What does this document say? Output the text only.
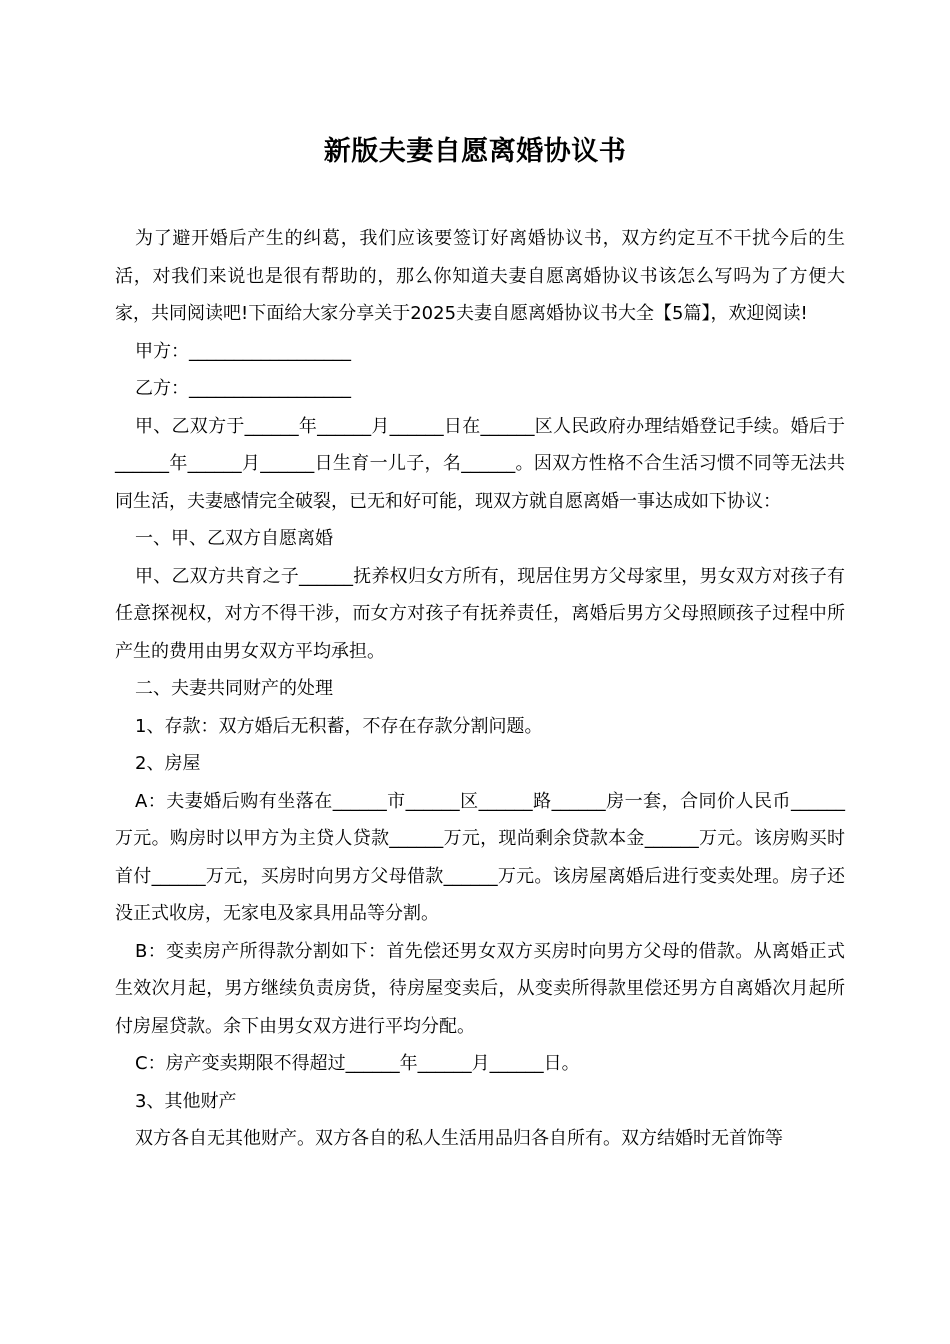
新版夫妻自愿离婚协议书

为了避开婚后产生的纠葛，我们应该要签订好离婚协议书，双方约定互不干扰今后的生活，对我们来说也是很有帮助的，那么你知道夫妻自愿离婚协议书该怎么写吗为了方便大家，共同阅读吧!下面给大家分享关于2025夫妻自愿离婚协议书大全【5篇】，欢迎阅读!

甲方：__________________

乙方：__________________

甲、乙双方于______年______月______日在______区人民政府办理结婚登记手续。婚后于______年______月______日生育一儿子，名______。因双方性格不合生活习惯不同等无法共同生活，夫妻感情完全破裂，已无和好可能，现双方就自愿离婚一事达成如下协议：

一、甲、乙双方自愿离婚

甲、乙双方共育之子______抚养权归女方所有，现居住男方父母家里，男女双方对孩子有任意探视权，对方不得干涉，而女方对孩子有抚养责任，离婚后男方父母照顾孩子过程中所产生的费用由男女双方平均承担。

二、夫妻共同财产的处理

1、存款：双方婚后无积蓄，不存在存款分割问题。

2、房屋

A：夫妻婚后购有坐落在______市______区______路______房一套，合同价人民币______万元。购房时以甲方为主贷人贷款______万元，现尚剩余贷款本金______万元。该房购买时首付______万元，买房时向男方父母借款______万元。该房屋离婚后进行变卖处理。房子还没正式收房，无家电及家具用品等分割。

B：变卖房产所得款分割如下：首先偿还男女双方买房时向男方父母的借款。从离婚正式生效次月起，男方继续负责房货，待房屋变卖后，从变卖所得款里偿还男方自离婚次月起所付房屋贷款。余下由男女双方进行平均分配。

C：房产变卖期限不得超过______年______月______日。

3、其他财产

双方各自无其他财产。双方各自的私人生活用品归各自所有。双方结婚时无首饰等
